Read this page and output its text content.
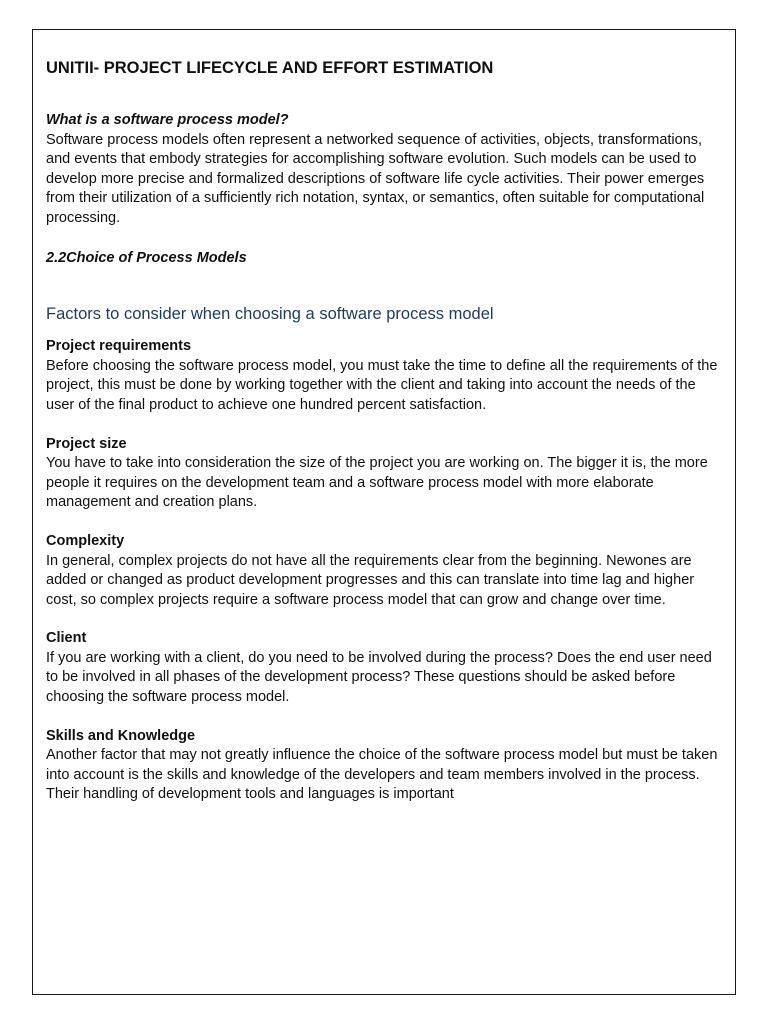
UNITII- PROJECT LIFECYCLE AND EFFORT ESTIMATION

What is a software process model?

Software process models often represent a networked sequence of activities, objects, transformations, and events that embody strategies for accomplishing software evolution. Such models can be used to develop more precise and formalized descriptions of software life cycle activities. Their power emerges from their utilization of a sufficiently rich notation, syntax, or semantics, often suitable for computational processing.

2.2Choice of Process Models

Factors to consider when choosing a software process model

Project requirements

Before choosing the software process model, you must take the time to define all the requirements of the project, this must be done by working together with the client and taking into account the needs of the user of the final product to achieve one hundred percent satisfaction.

Project size

You have to take into consideration the size of the project you are working on. The bigger it is, the more people it requires on the development team and a software process model with more elaborate management and creation plans.

Complexity

In general, complex projects do not have all the requirements clear from the beginning. Newones are added or changed as product development progresses and this can translate into time lag and higher cost, so complex projects require a software process model that can grow and change over time.

Client

If you are working with a client, do you need to be involved during the process? Does the end user need to be involved in all phases of the development process? These questions should be asked before choosing the software process model.

Skills and Knowledge

Another factor that may not greatly influence the choice of the software process model but must be taken into account is the skills and knowledge of the developers and team members involved in the process. Their handling of development tools and languages is important
